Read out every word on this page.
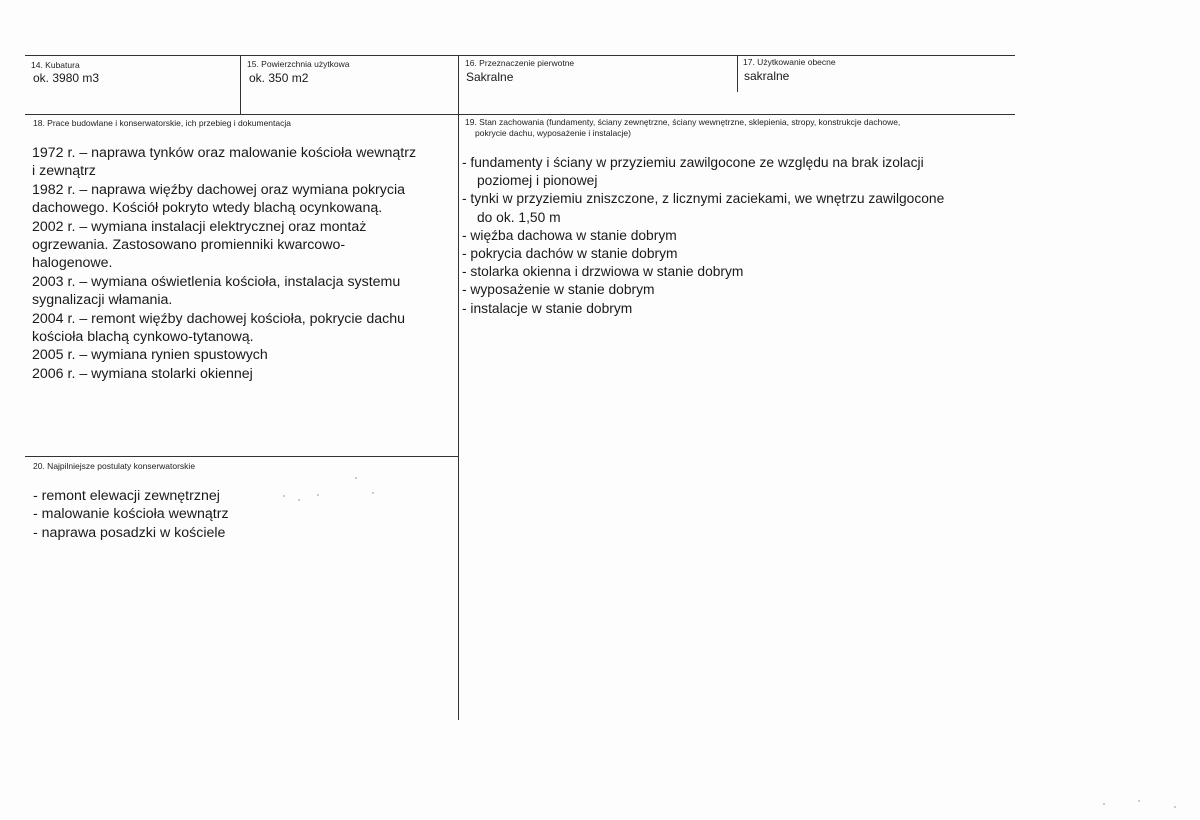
14. Kubatura
ok. 3980 m3
15. Powierzchnia użytkowa
ok. 350 m2
16. Przeznaczenie pierwotne
Sakralne
17. Użytkowanie obecne
sakralne
18. Prace budowlane i konserwatorskie, ich przebieg i dokumentacja
1972 r. – naprawa tynków oraz malowanie kościoła wewnątrz
i zewnątrz
1982 r. – naprawa więźby dachowej oraz wymiana pokrycia
dachowego. Kościół pokryto wtedy blachą ocynkowaną.
2002 r. – wymiana instalacji elektrycznej oraz montaż
ogrzewania. Zastosowano promienniki kwarcowo-
halogenowe.
2003 r. – wymiana oświetlenia kościoła, instalacja systemu
sygnalizacji włamania.
2004 r. – remont więźby dachowej kościoła, pokrycie dachu
kościoła blachą cynkowo-tytanową.
2005 r. – wymiana rynien spustowych
2006 r. – wymiana stolarki okiennej
19. Stan zachowania (fundamenty, ściany zewnętrzne, ściany wewnętrzne, sklepienia, stropy, konstrukcje dachowe,
pokrycie dachu, wyposażenie i instalacje)
- fundamenty i ściany w przyziemiu zawilgocone ze względu na brak izolacji
poziomej i pionowej
- tynki w przyziemiu zniszczone, z licznymi zaciekami, we wnętrzu zawilgocone
do ok. 1,50 m
- więźba dachowa w stanie dobrym
- pokrycia dachów w stanie dobrym
- stolarka okienna i drzwiowa w stanie dobrym
- wyposażenie w stanie dobrym
- instalacje w stanie dobrym
20. Najpilniejsze postulaty konserwatorskie
- remont elewacji zewnętrznej
- malowanie kościoła wewnątrz
- naprawa posadzki w kościele
